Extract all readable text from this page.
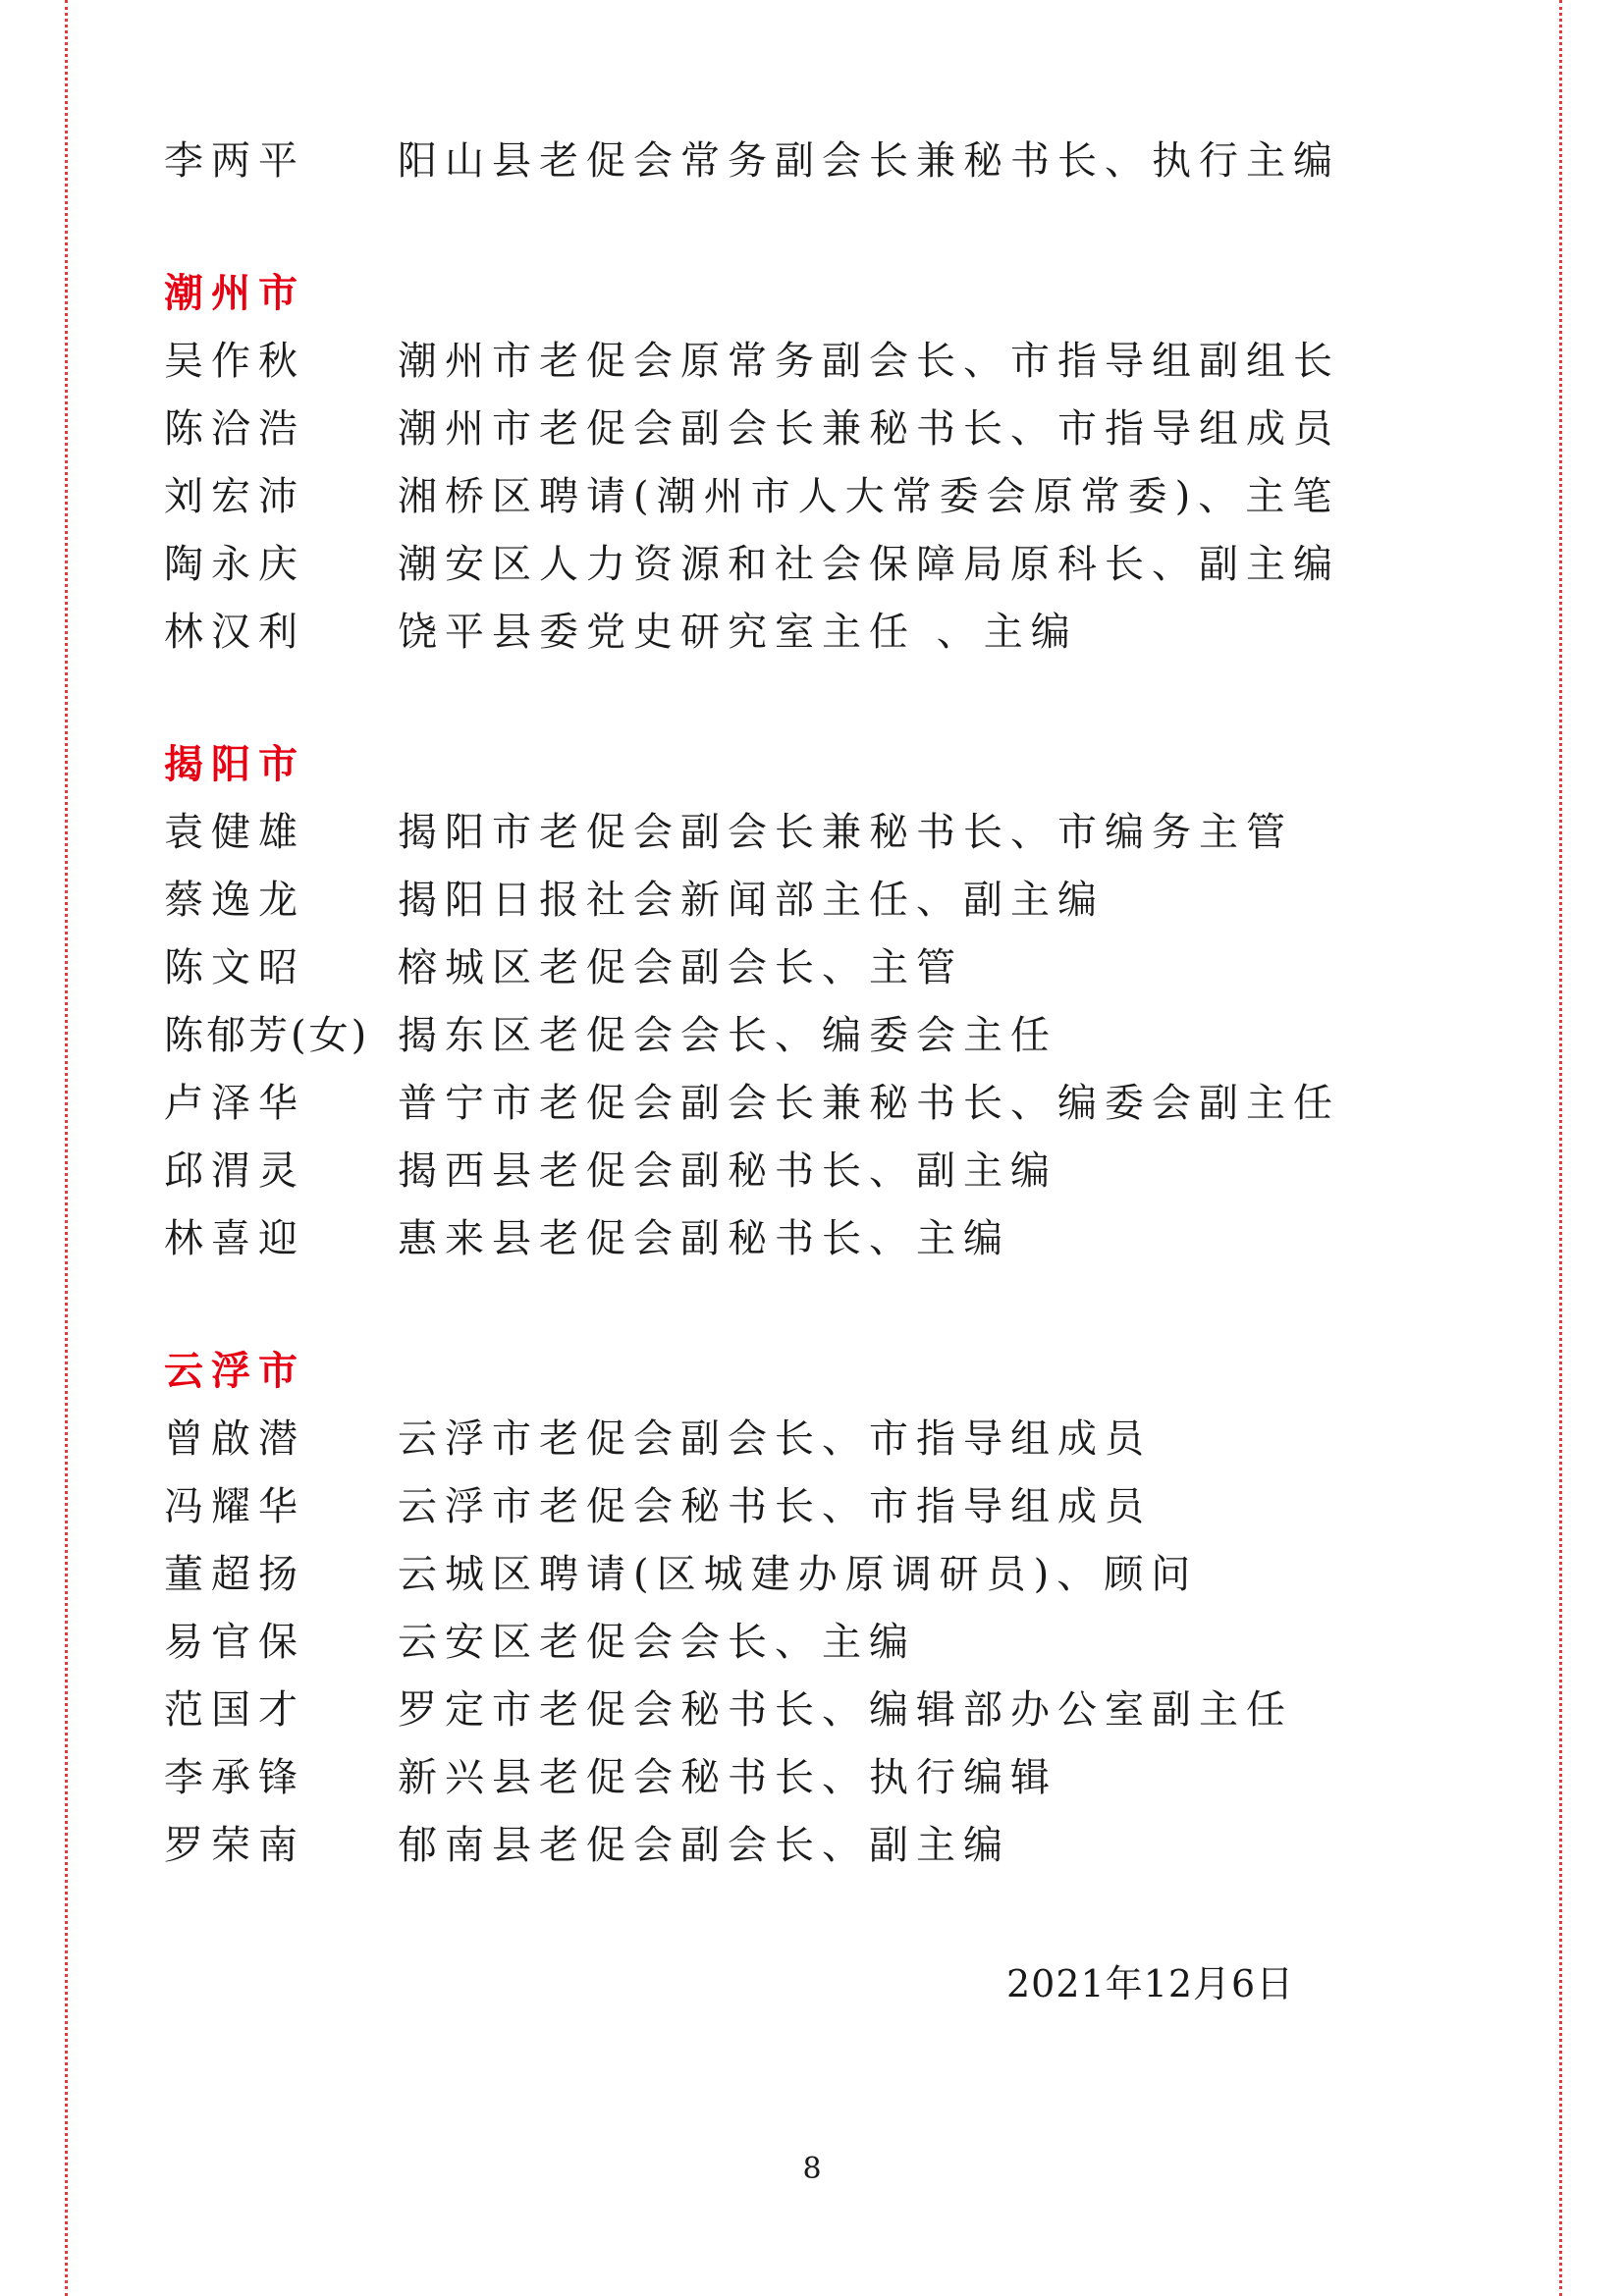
李两平	阳山县老促会常务副会长兼秘书长、执行主编
潮州市
吴作秋	潮州市老促会原常务副会长、市指导组副组长
陈洽浩	潮州市老促会副会长兼秘书长、市指导组成员
刘宏沛	湘桥区聘请(潮州市人大常委会原常委)、主笔
陶永庆	潮安区人力资源和社会保障局原科长、副主编
林汉利	饶平县委党史研究室主任 、主编
揭阳市
袁健雄	揭阳市老促会副会长兼秘书长、市编务主管
蔡逸龙	揭阳日报社会新闻部主任、副主编
陈文昭	榕城区老促会副会长、主管
陈郁芳(女) 揭东区老促会会长、编委会主任
卢泽华	普宁市老促会副会长兼秘书长、编委会副主任
邱渭灵	揭西县老促会副秘书长、副主编
林喜迎	惠来县老促会副秘书长、主编
云浮市
曾啟潜	云浮市老促会副会长、市指导组成员
冯耀华	云浮市老促会秘书长、市指导组成员
董超扬	云城区聘请(区城建办原调研员)、顾问
易官保	云安区老促会会长、主编
范国才	罗定市老促会秘书长、编辑部办公室副主任
李承锋	新兴县老促会秘书长、执行编辑
罗荣南	郁南县老促会副会长、副主编
2021年12月6日
8
